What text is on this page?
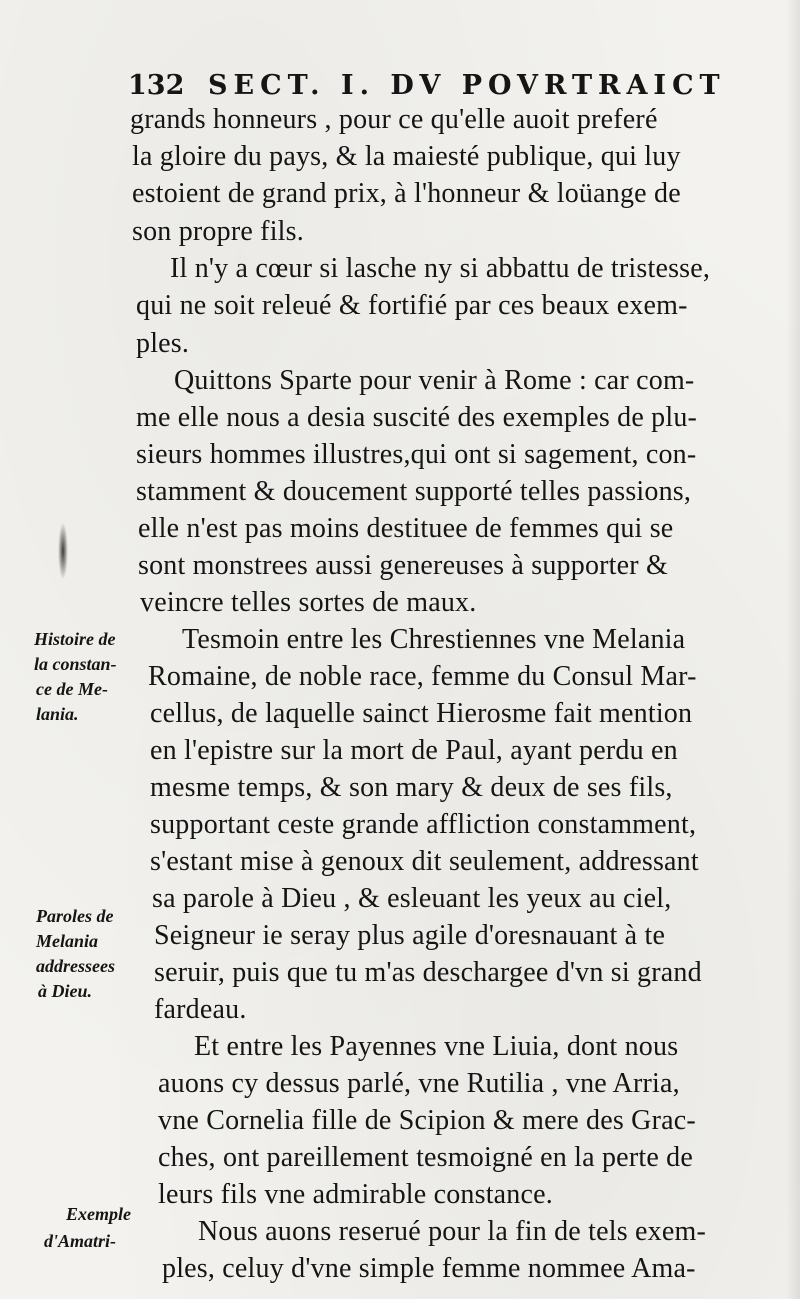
132 SECT. I. DV POVRTRAICT
grands honneurs , pour ce qu'elle auoit preferé
la gloire du pays, & la maiesté publique, qui luy
estoient de grand prix, à l'honneur & loüange de
son propre fils.
Il n'y a cœur si lasche ny si abbattu de tristesse,
qui ne soit releué & fortifié par ces beaux exem-
ples.
Quittons Sparte pour venir à Rome : car com-
me elle nous a desia suscité des exemples de plu-
sieurs hommes illustres,qui ont si sagement, con-
stamment & doucement supporté telles passions,
elle n'est pas moins destituee de femmes qui se
sont monstrees aussi genereuses à supporter &
veincre telles sortes de maux.
Tesmoin entre les Chrestiennes vne Melania
Romaine, de noble race, femme du Consul Mar-
cellus, de laquelle sainct Hierosme fait mention
en l'epistre sur la mort de Paul, ayant perdu en
mesme temps, & son mary & deux de ses fils,
supportant ceste grande affliction constamment,
s'estant mise à genoux dit seulement, addressant
sa parole à Dieu , & esleuant les yeux au ciel,
Seigneur ie seray plus agile d'oresnauant à te
seruir, puis que tu m'as deschargee d'vn si grand
fardeau.
Et entre les Payennes vne Liuia, dont nous
auons cy dessus parlé, vne Rutilia , vne Arria,
vne Cornelia fille de Scipion & mere des Grac-
ches, ont pareillement tesmoigné en la perte de
leurs fils vne admirable constance.
Nous auons reserué pour la fin de tels exem-
ples, celuy d'vne simple femme nommee Ama-
Histoire de
la constan-
ce de Me-
lania.
Paroles de
Melania
addressees
à Dieu.
Exemple
d'Amatri-
